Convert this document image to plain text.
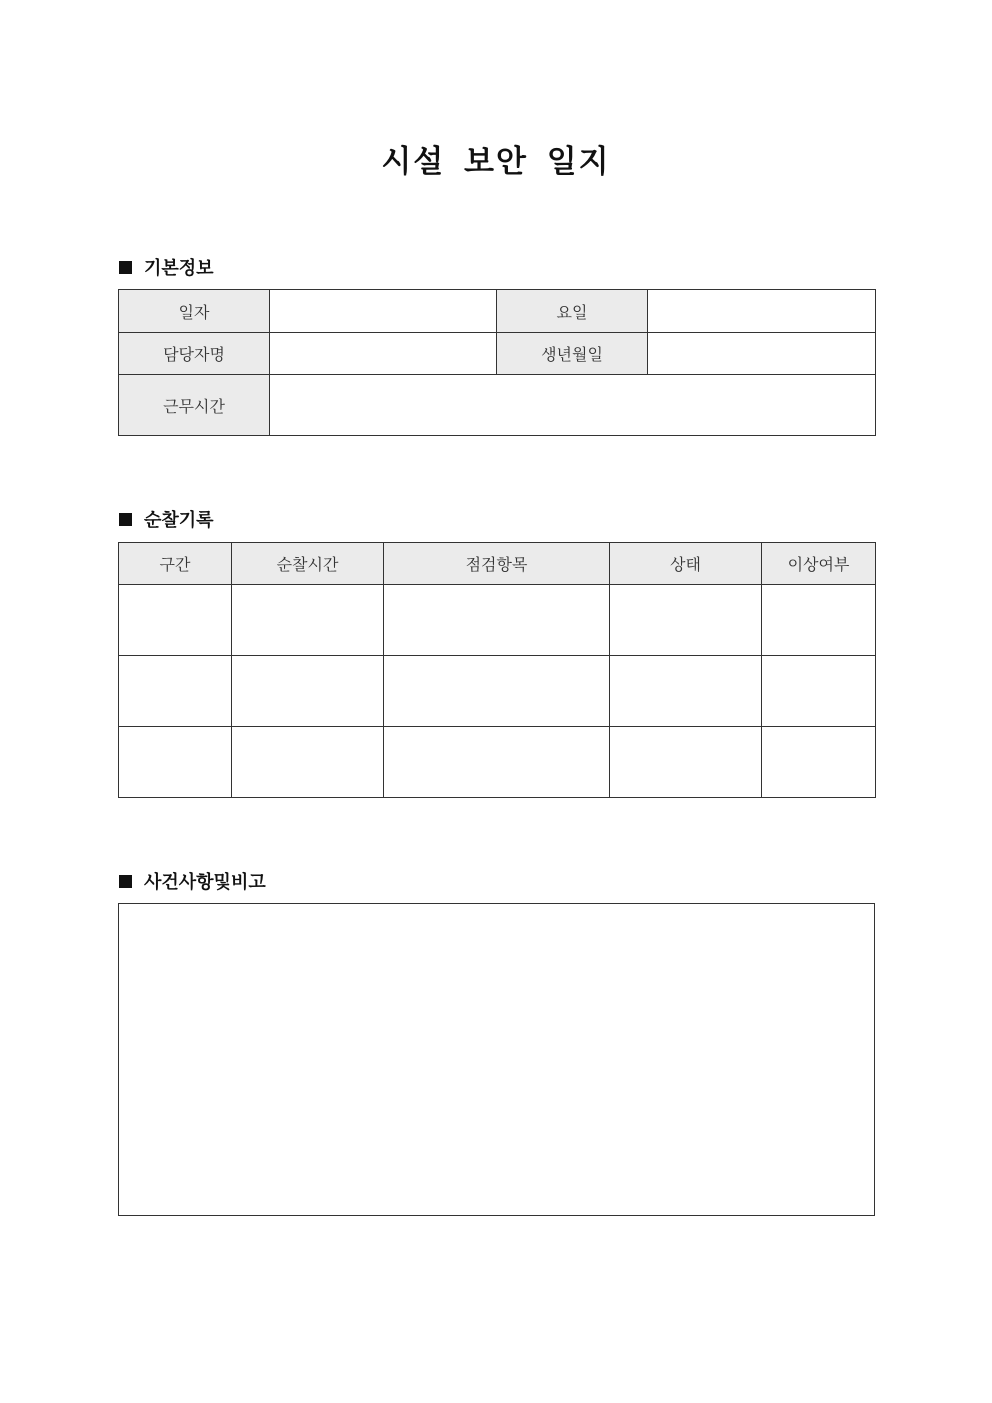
시설 보안 일지
기본정보
일자		요일	
담당자명		생년월일	
근무시간			
순찰기록
구간	순찰시간	점검항목	상태	이상여부

사건사항및비고
